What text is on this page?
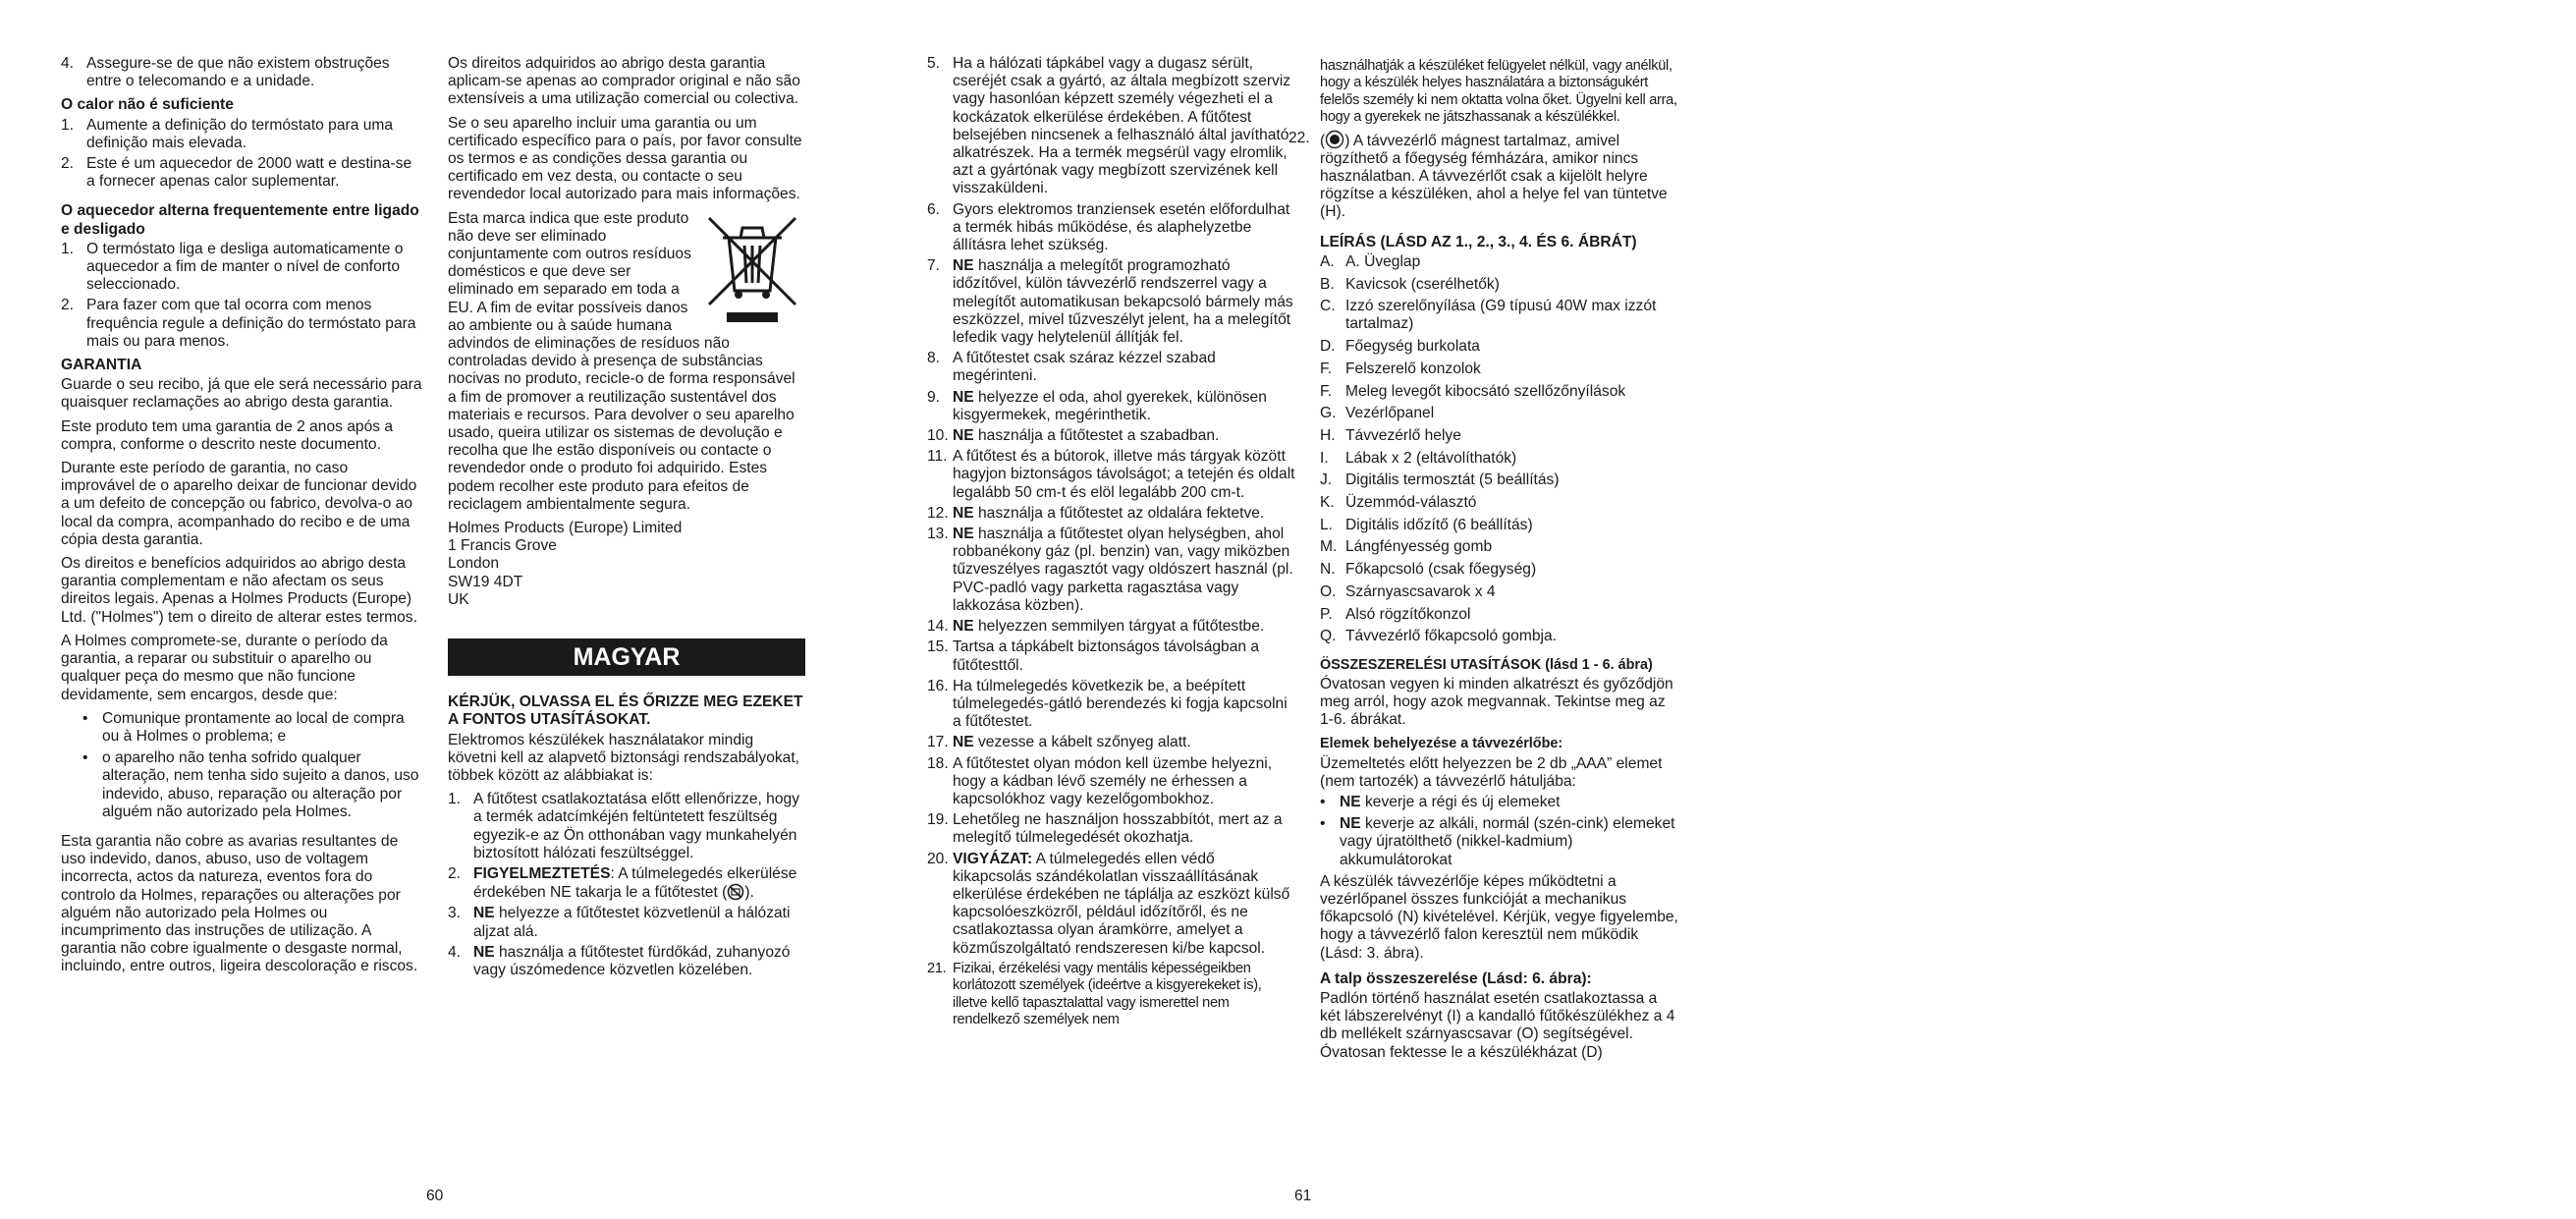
4. Assegure-se de que não existem obstruções entre o telecomando e a unidade.
O calor não é suficiente
1. Aumente a definição do termóstato para uma definição mais elevada.
2. Este é um aquecedor de 2000 watt e destina-se a fornecer apenas calor suplementar.
O aquecedor alterna frequentemente entre ligado e desligado
1. O termóstato liga e desliga automaticamente o aquecedor a fim de manter o nível de conforto seleccionado.
2. Para fazer com que tal ocorra com menos frequência regule a definição do termóstato para mais ou para menos.
GARANTIA

Guarde o seu recibo, já que ele será necessário para quaisquer reclamações ao abrigo desta garantia.

Este produto tem uma garantia de 2 anos após a compra, conforme o descrito neste documento.

Durante este período de garantia, no caso improvável de o aparelho deixar de funcionar devido a um defeito de concepção ou fabrico, devolva-o ao local da compra, acompanhado do recibo e de uma cópia desta garantia.

Os direitos e benefícios adquiridos ao abrigo desta garantia complementam e não afectam os seus direitos legais. Apenas a Holmes Products (Europe) Ltd. ("Holmes") tem o direito de alterar estes termos.

A Holmes compromete-se, durante o período da garantia, a reparar ou substituir o aparelho ou qualquer peça do mesmo que não funcione devidamente, sem encargos, desde que:

• Comunique prontamente ao local de compra ou à Holmes o problema; e
• o aparelho não tenha sofrido qualquer alteração, nem tenha sido sujeito a danos, uso indevido, abuso, reparação ou alteração por alguém não autorizado pela Holmes.

Esta garantia não cobre as avarias resultantes de uso indevido, danos, abuso, uso de voltagem incorrecta, actos da natureza, eventos fora do controlo da Holmes, reparações ou alterações por alguém não autorizado pela Holmes ou incumprimento das instruções de utilização. A garantia não cobre igualmente o desgaste normal, incluindo, entre outros, ligeira descoloração e riscos.

Os direitos adquiridos ao abrigo desta garantia aplicam-se apenas ao comprador original e não são extensíveis a uma utilização comercial ou colectiva.

Se o seu aparelho incluir uma garantia ou um certificado específico para o país, por favor consulte os termos e as condições dessa garantia ou certificado em vez desta, ou contacte o seu revendedor local autorizado para mais informações.

Esta marca indica que este produto não deve ser eliminado conjuntamente com outros resíduos domésticos e que deve ser eliminado em separado em toda a EU. A fim de evitar possíveis danos ao ambiente ou à saúde humana advindos de eliminações de resíduos não controladas devido à presença de substâncias nocivas no produto, recicle-o de forma responsável a fim de promover a reutilização sustentável dos materiais e recursos. Para devolver o seu aparelho usado, queira utilizar os sistemas de devolução e recolha que lhe estão disponíveis ou contacte o revendedor onde o produto foi adquirido. Estes podem recolher este produto para efeitos de reciclagem ambientalmente segura.

Holmes Products (Europe) Limited

1 Francis Grove

London

SW19 4DT

UK

MAGYAR
KÉRJÜK, OLVASSA EL ÉS ŐRIZZE MEG EZEKET A FONTOS UTASÍTÁSOKAT.

Elektromos készülékek használatakor mindig követni kell az alapvető biztonsági rendszabályokat, többek között az alábbiakat is:

1. A fűtőtest csatlakoztatása előtt ellenőrizze, hogy a termék adatcímkéjén feltüntetett feszültség egyezik-e az Ön otthonában vagy munkahelyén biztosított hálózati feszültséggel.
2. FIGYELMEZTETÉS: A túlmelegedés elkerülése érdekében NE takarja le a fűtőtestet ( ).
3. NE helyezze a fűtőtestet közvetlenül a hálózati aljzat alá.
4. NE használja a fűtőtestet fürdőkád, zuhanyozó vagy úszómedence közvetlen közelében.
60
5. Ha a hálózati tápkábel vagy a dugasz sérült, cseréjét csak a gyártó, az általa megbízott szerviz vagy hasonlóan képzett személy végezheti el a kockázatok elkerülése érdekében. A fűtőtest belsejében nincsenek a felhasználó által javítható alkatrészek. Ha a termék megsérül vagy elromlik, azt a gyártónak vagy megbízott szervizének kell visszaküldeni.
6. Gyors elektromos tranziensek esetén előfordulhat a termék hibás működése, és alaphelyzetbe állításra lehet szükség.
7. NE használja a melegítőt programozható időzítővel, külön távvezérlő rendszerrel vagy a melegítőt automatikusan bekapcsoló bármely más eszközzel, mivel tűzveszélyt jelent, ha a melegítőt lefedik vagy helytelenül állítják fel.
8. A fűtőtestet csak száraz kézzel szabad megérinteni.
9. NE helyezze el oda, ahol gyerekek, különösen kisgyermekek, megérinthetik.
10. NE használja a fűtőtestet a szabadban.
11. A fűtőtest és a bútorok, illetve más tárgyak között hagyjon biztonságos távolságot; a tetején és oldalt legalább 50 cm-t és elöl legalább 200 cm-t.
12. NE használja a fűtőtestet az oldalára fektetve.
13. NE használja a fűtőtestet olyan helységben, ahol robbanékony gáz (pl. benzin) van, vagy miközben tűzveszélyes ragasztót vagy oldószert használ (pl. PVC-padló vagy parketta ragasztása vagy lakkozása közben).
14. NE helyezzen semmilyen tárgyat a fűtőtestbe.
15. Tartsa a tápkábelt biztonságos távolságban a fűtőtesttől.
16. Ha túlmelegedés következik be, a beépített túlmelegedés-gátló berendezés ki fogja kapcsolni a fűtőtestet.
17. NE vezesse a kábelt szőnyeg alatt.
18. A fűtőtestet olyan módon kell üzembe helyezni, hogy a kádban lévő személy ne érhessen a kapcsolókhoz vagy kezelőgombokhoz.
19. Lehetőleg ne használjon hosszabbítót, mert az a melegítő túlmelegedését okozhatja.
20. VIGYÁZAT: A túlmelegedés ellen védő kikapcsolás szándékolatlan visszaállításának elkerülése érdekében ne táplálja az eszközt külső kapcsolóeszközről, például időzítőről, és ne csatlakoztassa olyan áramkörre, amelyet a közműszolgáltató rendszeresen ki/be kapcsol.
21. Fizikai, érzékelési vagy mentális képességeikben korlátozott személyek (ideértve a kisgyerekeket is), illetve kellő tapasztalattal vagy ismerettel nem rendelkező személyek nem
használhatják a készüléket felügyelet nélkül, vagy anélkül, hogy a készülék helyes használatára a biztonságukért felelős személy ki nem oktatta volna őket. Ügyelni kell arra, hogy a gyerekek ne játszhassanak a készülékkel.
22. ( ) A távvezérlő mágnest tartalmaz, amivel rögzíthető a főegység fémházára, amikor nincs használatban. A távvezérlőt csak a kijelölt helyre rögzítse a készüléken, ahol a helye fel van tüntetve (H).
LEÍRÁS (LÁSD AZ 1., 2., 3., 4. ÉS 6. ÁBRÁT)
A. A. Üveglap
B. Kavicsok (cserélhetők)
C. Izzó szerelőnyílása (G9 típusú 40W max izzót tartalmaz)
D. Főegység burkolata
F. Felszerelő konzolok
F. Meleg levegőt kibocsátó szellőzőnyílások
G. Vezérlőpanel
H. Távvezérlő helye
I.	Lábak x 2 (eltávolíthatók)
J. Digitális termosztát (5 beállítás)
K. Üzemmód-választó
L. Digitális időzítő (6 beállítás)
M. Lángfényesség gomb
N. Főkapcsoló (csak főegység)
O. Szárnyascsavarok x 4
P. Alsó rögzítőkonzol
Q. Távvezérlő főkapcsoló gombja.
ÖSSZESZERELÉSI UTASÍTÁSOK (lásd 1 - 6. ábra)

Óvatosan vegyen ki minden alkatrészt és győződjön meg arról, hogy azok megvannak. Tekintse meg az 1-6. ábrákat.

Elemek behelyezése a távvezérlőbe:

Üzemeltetés előtt helyezzen be 2 db „AAA” elemet (nem tartozék) a távvezérlő hátuljába:

• NE keverje a régi és új elemeket
• NE keverje az alkáli, normál (szén-cink) elemeket vagy újratölthető (nikkel-kadmium) akkumulátorokat

A készülék távvezérlője képes működtetni a vezérlőpanel összes funkcióját a mechanikus főkapcsoló (N) kivételével. Kérjük, vegye figyelembe, hogy a távvezérlő falon keresztül nem működik (Lásd: 3. ábra).

A talp összeszerelése (Lásd: 6. ábra):

Padlón történő használat esetén csatlakoztassa a két lábszerelvényt (I) a kandalló fűtőkészülékhez a 4 db mellékelt szárnyascsavar (O) segítségével. Óvatosan fektesse le a készülékházat (D)

61
